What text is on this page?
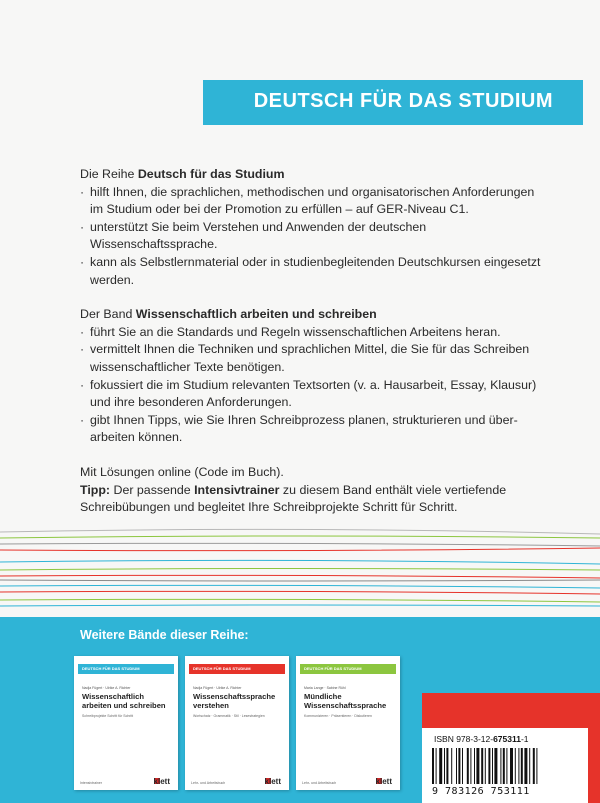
DEUTSCH FÜR DAS STUDIUM

Die Reihe Deutsch für das Studium

· hilft Ihnen, die sprachlichen, methodischen und organisatorischen Anforderungen im Studium oder bei der Promotion zu erfüllen – auf GER-Niveau C1.
· unterstützt Sie beim Verstehen und Anwenden der deutschen Wissenschaftssprache.
· kann als Selbstlernmaterial oder in studienbegleitenden Deutschkursen eingesetzt werden.

Der Band Wissenschaftlich arbeiten und schreiben

· führt Sie an die Standards und Regeln wissenschaftlichen Arbeitens heran.
· vermittelt Ihnen die Techniken und sprachlichen Mittel, die Sie für das Schreiben wissenschaftlicher Texte benötigen.
· fokussiert die im Studium relevanten Textsorten (v. a. Hausarbeit, Essay, Klausur) und ihre besonderen Anforderungen.
· gibt Ihnen Tipps, wie Sie Ihren Schreibprozess planen, strukturieren und über- arbeiten können.

Mit Lösungen online (Code im Buch).

Tipp: Der passende Intensivtrainer zu diesem Band enthält viele vertiefende Schreibübungen und begleitet Ihre Schreibprojekte Schritt für Schritt.

Weitere Bände dieser Reihe:
DEUTSCH FÜR DAS STUDIUM
Nadja Fügert · Ulrike A. Richter
Wissenschaftlich arbeiten und schreiben
Schreibprojekte Schritt für Schritt
Intensivtrainer	klett
DEUTSCH FÜR DAS STUDIUM
Nadja Fügert · Ulrike A. Richter
Wissenschaftssprache verstehen
Wortschatz · Grammatik · Stil · Lesestrategien
Lehr- und Arbeitsbuch	klett
DEUTSCH FÜR DAS STUDIUM
Maria Lange · Sabine Rühl
Mündliche Wissenschaftssprache
Kommunizieren · Präsentieren · Diskutieren
Lehr- und Arbeitsbuch	klett
ISBN 978-3-12-675311-1
9 783126 753111
